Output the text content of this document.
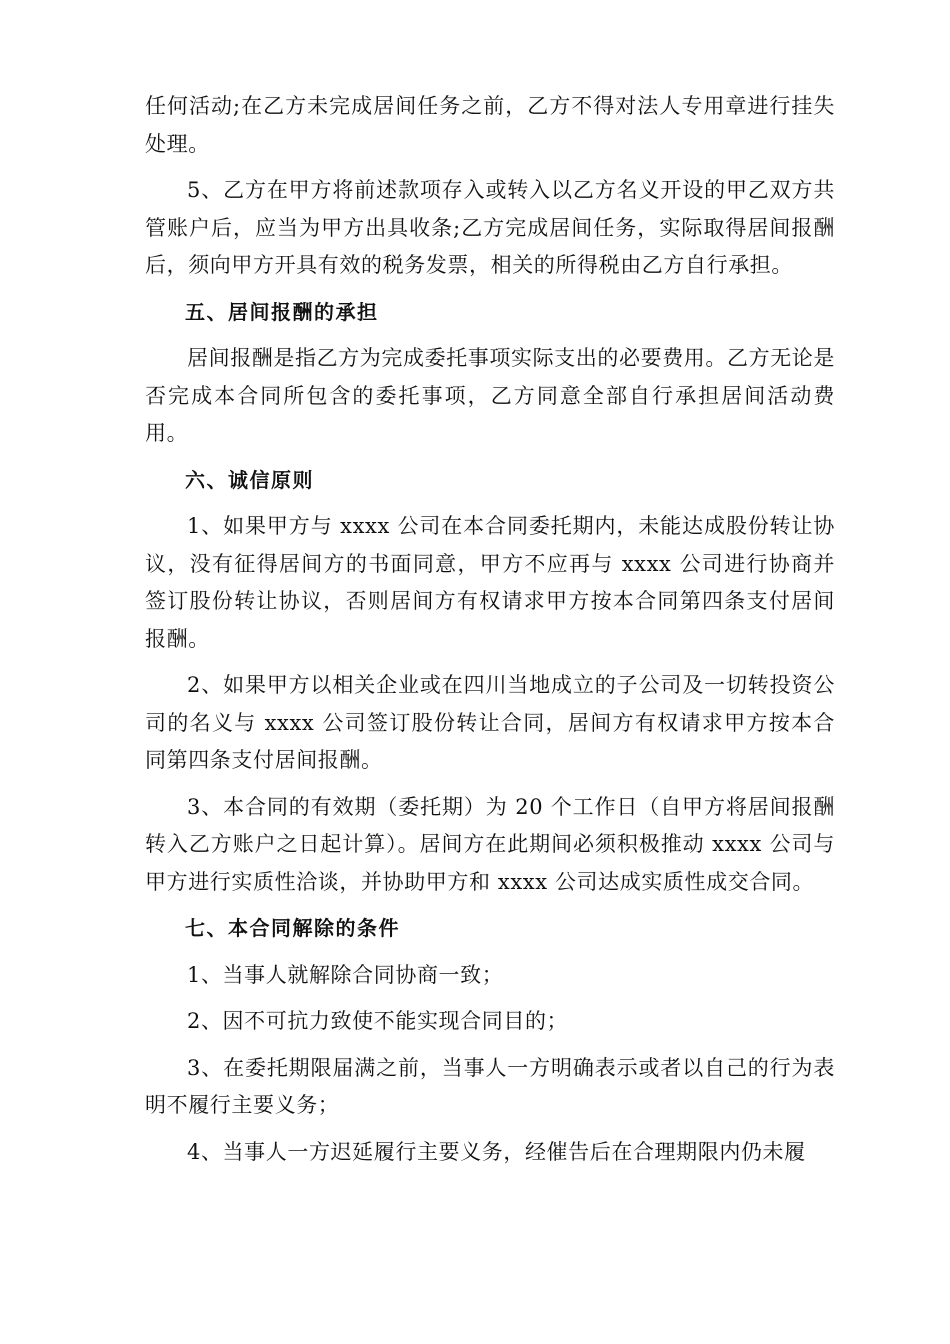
任何活动;在乙方未完成居间任务之前，乙方不得对法人专用章进行挂失处理。

5、乙方在甲方将前述款项存入或转入以乙方名义开设的甲乙双方共管账户后，应当为甲方出具收条;乙方完成居间任务，实际取得居间报酬后，须向甲方开具有效的税务发票，相关的所得税由乙方自行承担。

五、居间报酬的承担

居间报酬是指乙方为完成委托事项实际支出的必要费用。乙方无论是否完成本合同所包含的委托事项，乙方同意全部自行承担居间活动费用。

六、诚信原则

1、如果甲方与 xxxx 公司在本合同委托期内，未能达成股份转让协议，没有征得居间方的书面同意，甲方不应再与 xxxx 公司进行协商并签订股份转让协议，否则居间方有权请求甲方按本合同第四条支付居间报酬。

2、如果甲方以相关企业或在四川当地成立的子公司及一切转投资公司的名义与 xxxx 公司签订股份转让合同，居间方有权请求甲方按本合同第四条支付居间报酬。

3、本合同的有效期（委托期）为 20 个工作日（自甲方将居间报酬转入乙方账户之日起计算）。居间方在此期间必须积极推动 xxxx 公司与甲方进行实质性洽谈，并协助甲方和 xxxx 公司达成实质性成交合同。

七、本合同解除的条件

1、当事人就解除合同协商一致；

2、因不可抗力致使不能实现合同目的；

3、在委托期限届满之前，当事人一方明确表示或者以自己的行为表明不履行主要义务；

4、当事人一方迟延履行主要义务，经催告后在合理期限内仍未履
